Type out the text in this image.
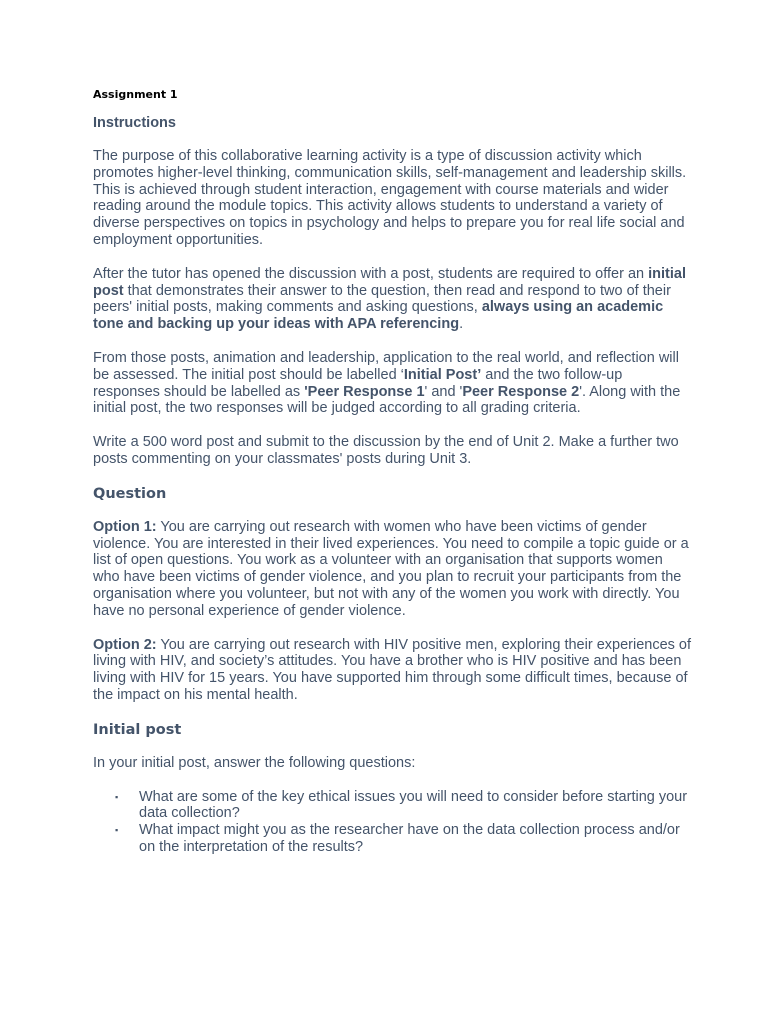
Assignment 1
Instructions

The purpose of this collaborative learning activity is a type of discussion activity which promotes higher-level thinking, communication skills, self-management and leadership skills. This is achieved through student interaction, engagement with course materials and wider reading around the module topics. This activity allows students to understand a variety of diverse perspectives on topics in psychology and helps to prepare you for real life social and employment opportunities.

After the tutor has opened the discussion with a post, students are required to offer an initial post that demonstrates their answer to the question, then read and respond to two of their peers' initial posts, making comments and asking questions, always using an academic tone and backing up your ideas with APA referencing.

From those posts, animation and leadership, application to the real world, and reflection will be assessed. The initial post should be labelled ‘Initial Post’ and the two follow-up responses should be labelled as 'Peer Response 1' and 'Peer Response 2'. Along with the initial post, the two responses will be judged according to all grading criteria.

Write a 500 word post and submit to the discussion by the end of Unit 2. Make a further two posts commenting on your classmates' posts during Unit 3.

Question

Option 1: You are carrying out research with women who have been victims of gender violence. You are interested in their lived experiences. You need to compile a topic guide or a list of open questions. You work as a volunteer with an organisation that supports women who have been victims of gender violence, and you plan to recruit your participants from the organisation where you volunteer, but not with any of the women you work with directly. You have no personal experience of gender violence.

Option 2: You are carrying out research with HIV positive men, exploring their experiences of living with HIV, and society’s attitudes. You have a brother who is HIV positive and has been living with HIV for 15 years. You have supported him through some difficult times, because of the impact on his mental health.

Initial post

In your initial post, answer the following questions:

▪ What are some of the key ethical issues you will need to consider before starting your data collection?
▪ What impact might you as the researcher have on the data collection process and/or on the interpretation of the results?
